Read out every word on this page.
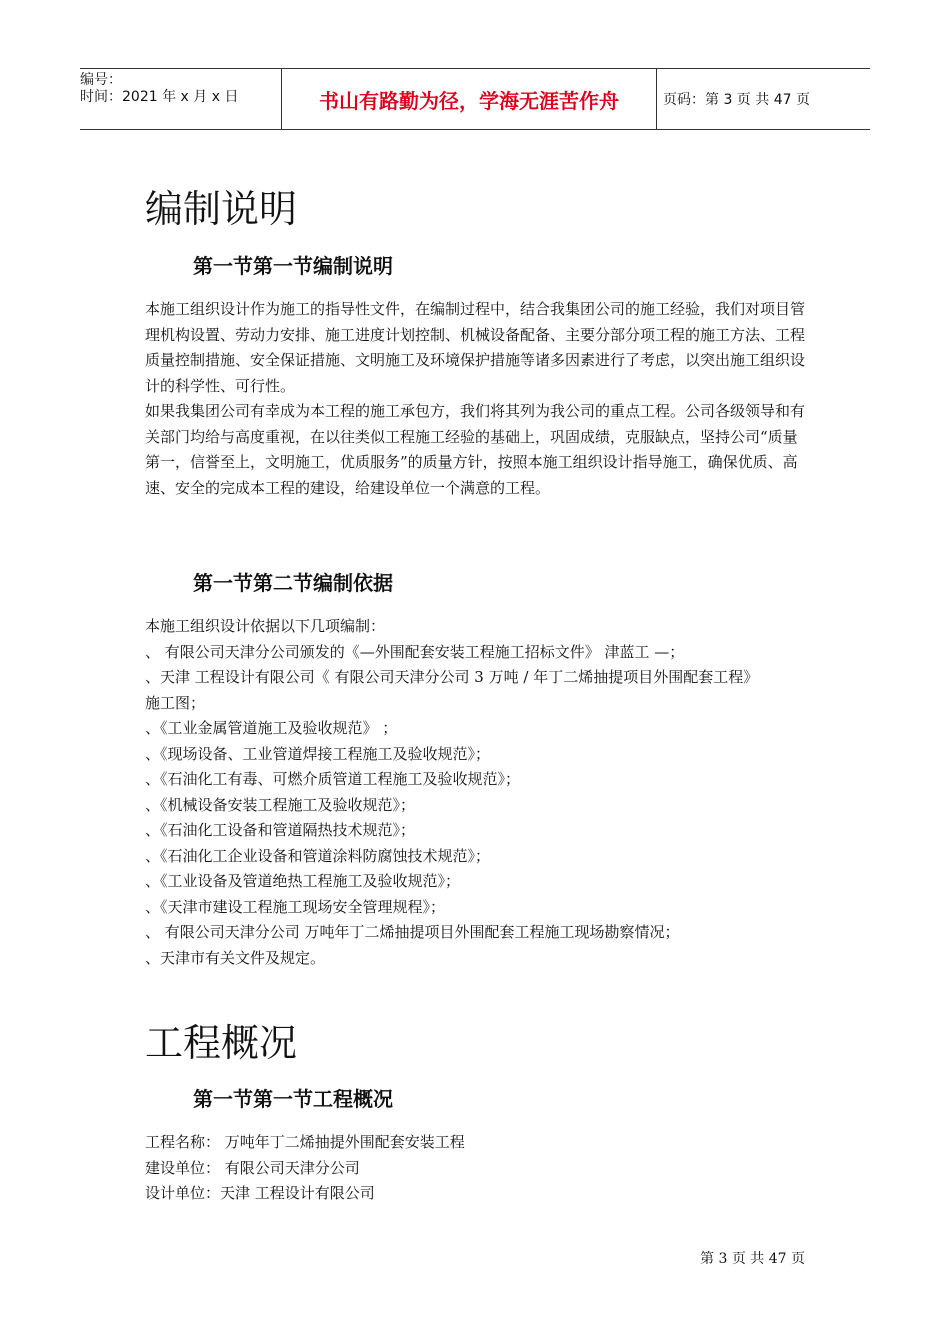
编号：
时间：2021 年 x 月 x 日	书山有路勤为径，学海无涯苦作舟	页码：第 3 页 共 47 页
编制说明
第一节第一节编制说明

本施工组织设计作为施工的指导性文件，在编制过程中，结合我集团公司的施工经验，我们对项目管理机构设置、劳动力安排、施工进度计划控制、机械设备配备、主要分部分项工程的施工方法、工程质量控制措施、安全保证措施、文明施工及环境保护措施等诸多因素进行了考虑，以突出施工组织设计的科学性、可行性。

如果我集团公司有幸成为本工程的施工承包方，我们将其列为我公司的重点工程。公司各级领导和有关部门均给与高度重视，在以往类似工程施工经验的基础上，巩固成绩，克服缺点，坚持公司“质量

第一，信誉至上，文明施工，优质服务”的质量方针，按照本施工组织设计指导施工，确保优质、高速、安全的完成本工程的建设，给建设单位一个满意的工程。

第一节第二节编制依据
本施工组织设计依据以下几项编制：
、 有限公司天津分公司颁发的《—外围配套安装工程施工招标文件》 津蓝工 —；
、天津 工程设计有限公司《 有限公司天津分公司 3 万吨 / 年丁二烯抽提项目外围配套工程》
施工图；
、《工业金属管道施工及验收规范》 ；
、《现场设备、工业管道焊接工程施工及验收规范》；
、《石油化工有毒、可燃介质管道工程施工及验收规范》；
、《机械设备安装工程施工及验收规范》；
、《石油化工设备和管道隔热技术规范》；
、《石油化工企业设备和管道涂料防腐蚀技术规范》；
、《工业设备及管道绝热工程施工及验收规范》；
、《天津市建设工程施工现场安全管理规程》；
、 有限公司天津分公司 万吨年丁二烯抽提项目外围配套工程施工现场勘察情况；
、天津市有关文件及规定。
工程概况
第一节第一节工程概况
工程名称： 万吨年丁二烯抽提外围配套安装工程
建设单位： 有限公司天津分公司
设计单位：天津 工程设计有限公司
第 3 页 共 47 页
